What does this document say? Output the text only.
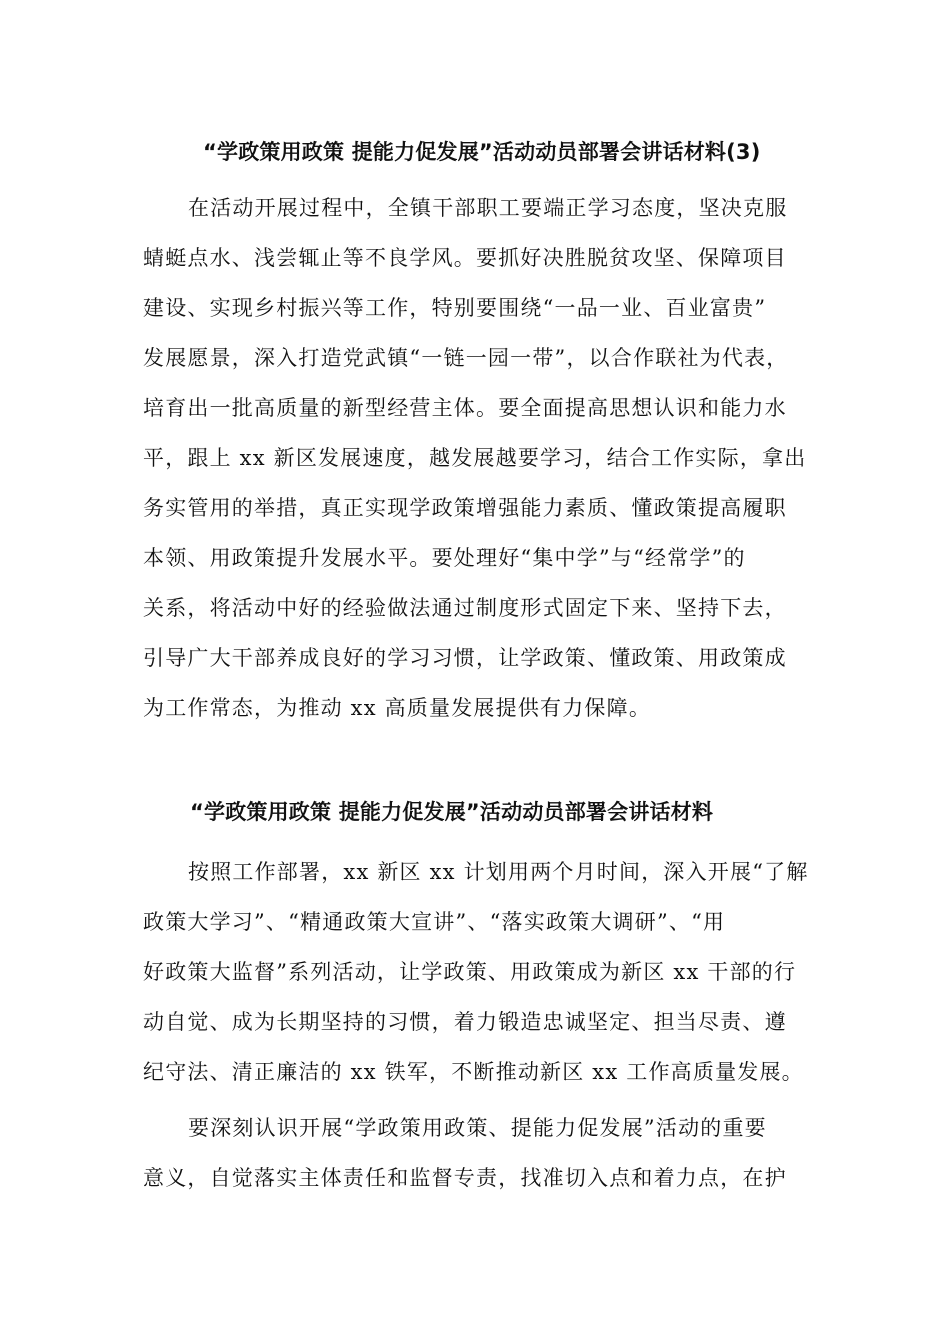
“学政策用政策 提能力促发展”活动动员部署会讲话材料(3)
在活动开展过程中，全镇干部职工要端正学习态度，坚决克服
蜻蜓点水、浅尝辄止等不良学风。要抓好决胜脱贫攻坚、保障项目
建设、实现乡村振兴等工作，特别要围绕“一品一业、百业富贵”
发展愿景，深入打造党武镇“一链一园一带”，以合作联社为代表，
培育出一批高质量的新型经营主体。要全面提高思想认识和能力水
平，跟上 xx 新区发展速度，越发展越要学习，结合工作实际，拿出
务实管用的举措，真正实现学政策增强能力素质、懂政策提高履职
本领、用政策提升发展水平。要处理好“集中学”与“经常学”的
关系，将活动中好的经验做法通过制度形式固定下来、坚持下去，
引导广大干部养成良好的学习习惯，让学政策、懂政策、用政策成
为工作常态，为推动 xx 高质量发展提供有力保障。
“学政策用政策 提能力促发展”活动动员部署会讲话材料
按照工作部署，xx 新区 xx 计划用两个月时间，深入开展“了解
政策大学习”、“精通政策大宣讲”、“落实政策大调研”、“用
好政策大监督”系列活动，让学政策、用政策成为新区 xx 干部的行
动自觉、成为长期坚持的习惯，着力锻造忠诚坚定、担当尽责、遵
纪守法、清正廉洁的 xx 铁军，不断推动新区 xx 工作高质量发展。
要深刻认识开展“学政策用政策、提能力促发展”活动的重要
意义，自觉落实主体责任和监督专责，找准切入点和着力点，在护
